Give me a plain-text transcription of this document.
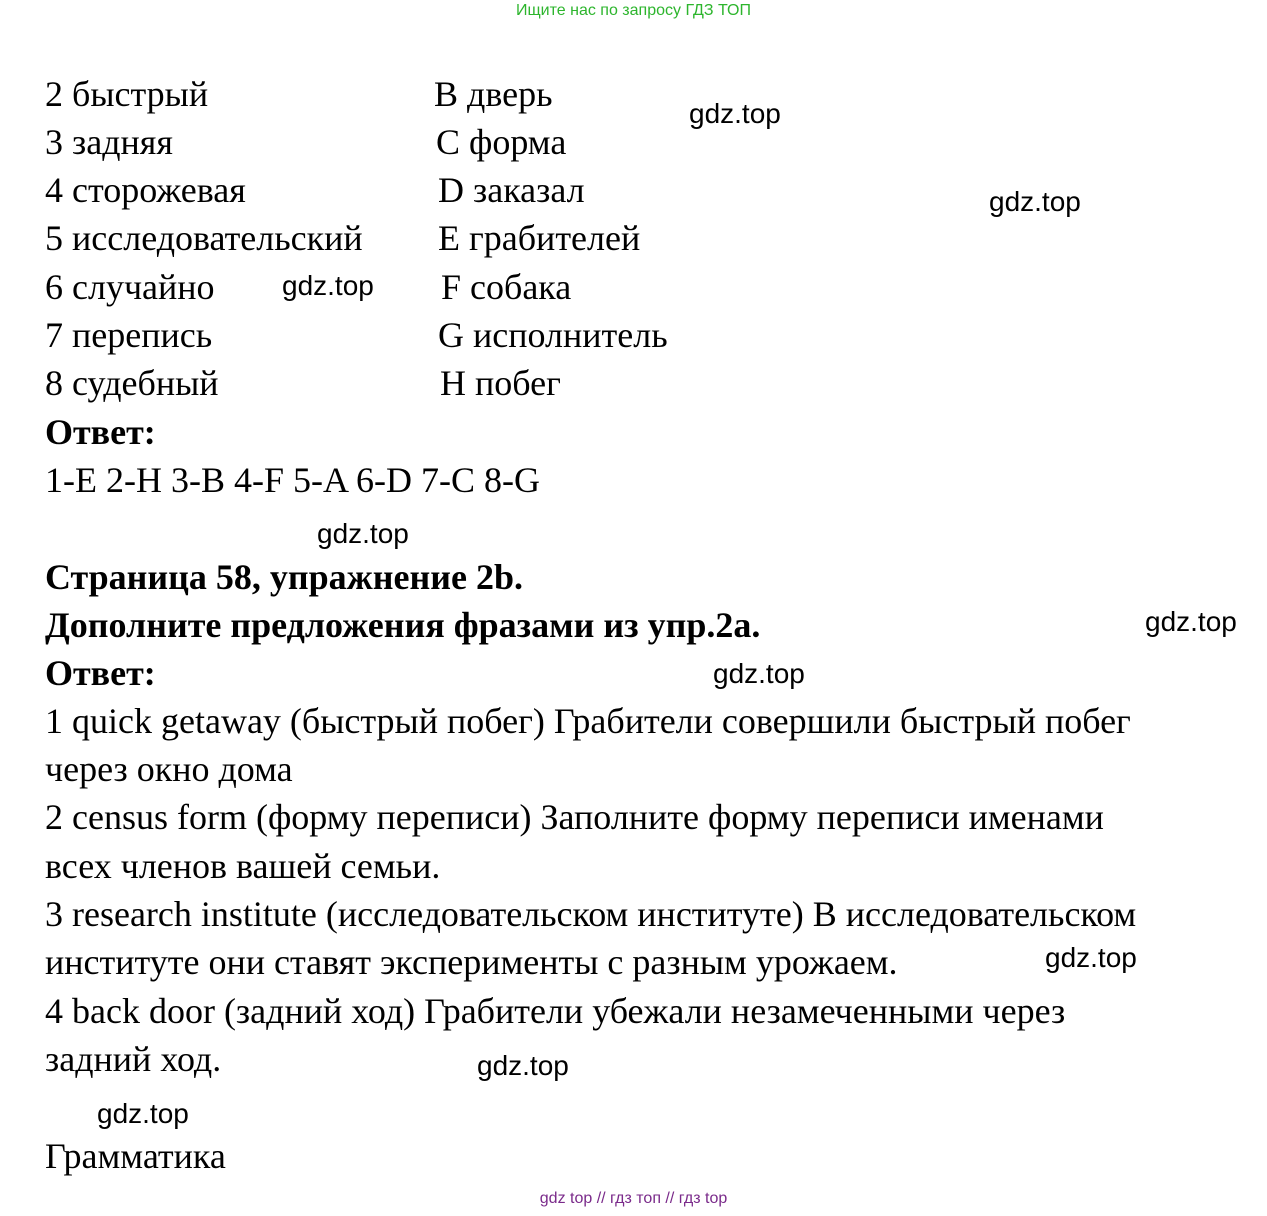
Ищите нас по запросу ГДЗ ТОП
2 быстрый
3 задняя
4 сторожевая
5 исследовательский
6 случайно
7 перепись
8 судебный
B дверь
C форма
D заказал
E грабителей
F собака
G исполнитель
H побег
Ответ:
1-E 2-H 3-B 4-F 5-A 6-D 7-C 8-G
Страница 58, упражнение 2b.
Дополните предложения фразами из упр.2a.
Ответ:
1 quick getaway (быстрый побег) Грабители совершили быстрый побег
через окно дома
2 census form (форму переписи) Заполните форму переписи именами
всех членов вашей семьи.
3 research institute (исследовательском институте) В исследовательском
институте они ставят эксперименты с разным урожаем.
4 back door (задний ход) Грабители убежали незамеченными через
задний ход.
Грамматика
gdz.top
gdz.top
gdz.top
gdz.top
gdz.top
gdz.top
gdz.top
gdz.top
gdz.top
gdz top // гдз топ // гдз top
